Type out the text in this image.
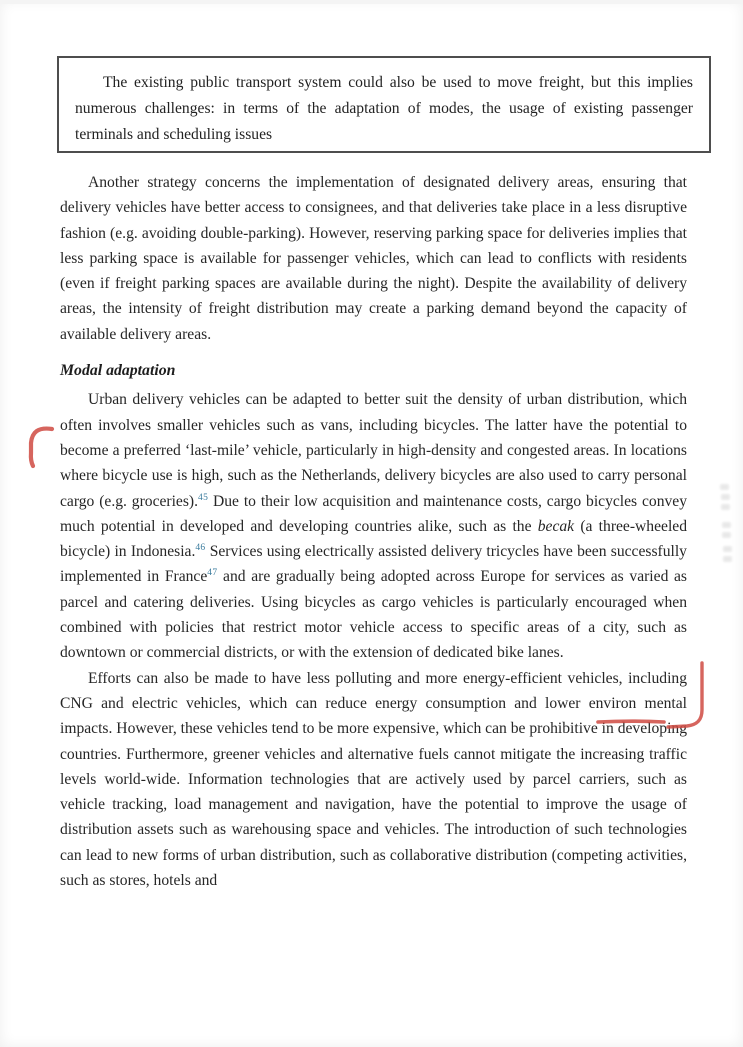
The existing public transport system could also be used to move freight, but this implies numerous challenges: in terms of the adaptation of modes, the usage of existing passenger terminals and scheduling issues

Another strategy concerns the implementation of designated delivery areas, ensuring that delivery vehicles have better access to consignees, and that deliveries take place in a less disruptive fashion (e.g. avoiding double-parking). However, reserving parking space for deliveries implies that less parking space is available for passenger vehicles, which can lead to conflicts with residents (even if freight parking spaces are available during the night). Despite the availability of delivery areas, the intensity of freight distribution may create a parking demand beyond the capacity of available delivery areas.

Modal adaptation

Urban delivery vehicles can be adapted to better suit the density of urban distribution, which often involves smaller vehicles such as vans, including bicycles. The latter have the potential to become a preferred ‘last-mile’ vehicle, particularly in high-density and congested areas. In locations where bicycle use is high, such as the Netherlands, delivery bicycles are also used to carry personal cargo (e.g. groceries).$^{45}$ Due to their low acquisition and maintenance costs, cargo bicycles convey much potential in developed and developing countries alike, such as the becak (a three-wheeled bicycle) in Indonesia.$^{46}$ Services using electrically assisted delivery tricycles have been successfully implemented in France$^{47}$ and are gradually being adopted across Europe for services as varied as parcel and catering deliveries. Using bicycles as cargo vehicles is particularly encouraged when combined with policies that restrict motor vehicle access to specific areas of a city, such as downtown or commercial districts, or with the extension of dedicated bike lanes.

Efforts can also be made to have less polluting and more energy-efficient vehicles, including CNG and electric vehicles, which can reduce energy consumption and lower environ mental impacts. However, these vehicles tend to be more expensive, which can be prohibitive in developing countries. Furthermore, greener vehicles and alternative fuels cannot mitigate the increasing traffic levels world-wide. Information technologies that are actively used by parcel carriers, such as vehicle tracking, load management and navigation, have the potential to improve the usage of distribution assets such as warehousing space and vehicles. The introduction of such technologies can lead to new forms of urban distribution, such as collaborative distribution (competing activities, such as stores, hotels and
